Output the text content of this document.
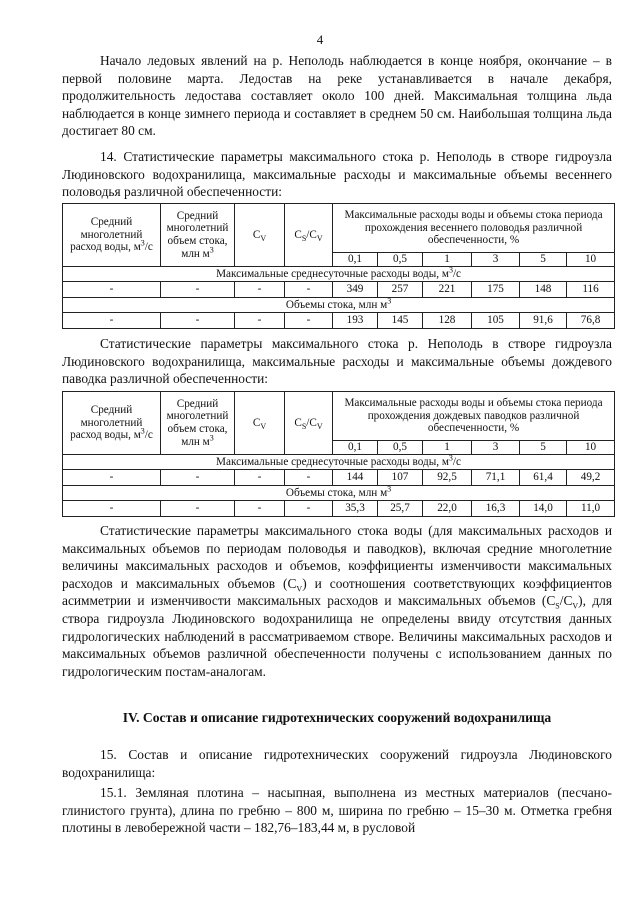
4

Начало ледовых явлений на р. Неполодь наблюдается в конце ноября, окончание – в первой половине марта. Ледостав на реке устанавливается в начале декабря, продолжительность ледостава составляет около 100 дней. Максимальная толщина льда наблюдается в конце зимнего периода и составляет в среднем 50 см. Наибольшая толщина льда достигает 80 см.

14. Статистические параметры максимального стока р. Неполодь в створе гидроузла Людиновского водохранилища, максимальные расходы и максимальные объемы весеннего половодья различной обеспеченности:

Средний многолетний расход воды, $м^3/с$	Средний многолетний объем стока, млн $м^3$	$C_V$	$C_S/C_V$	Максимальные расходы воды и объемы стока периода прохождения весеннего половодья различной обеспеченности, %					
				0,1	0,5	1	3	5	10
Максимальные среднесуточные расходы воды, $м^3/с$									
-	-	-	-	349	257	221	175	148	116
Объемы стока, млн $м^3$
-	-	-	-	193	145	128	105	91,6	76,8

Статистические параметры максимального стока р. Неполодь в створе гидроузла Людиновского водохранилища, максимальные расходы и максимальные объемы дождевого паводка различной обеспеченности:

Средний многолетний расход воды, $м^3/с$	Средний многолетний объем стока, млн $м^3$	$C_V$	$C_S/C_V$	Максимальные расходы воды и объемы стока периода прохождения дождевых паводков различной обеспеченности, %					
				0,1	0,5	1	3	5	10
Максимальные среднесуточные расходы воды, $м^3/с$									
-	-	-	-	144	107	92,5	71,1	61,4	49,2
Объемы стока, млн $м^3$
-	-	-	-	35,3	25,7	22,0	16,3	14,0	11,0

Статистические параметры максимального стока воды (для максимальных расходов и максимальных объемов по периодам половодья и паводков), включая средние многолетние величины максимальных расходов и объемов, коэффициенты изменчивости максимальных расходов и максимальных объемов $(C_V)$ и соотношения соответствующих коэффициентов асимметрии и изменчивости максимальных расходов и максимальных объемов $(C_S/C_V)$, для створа гидроузла Людиновского водохранилища не определены ввиду отсутствия данных гидрологических наблюдений в рассматриваемом створе. Величины максимальных расходов и максимальных объемов различной обеспеченности получены с использованием данных по гидрологическим постам-аналогам.

IV. Состав и описание гидротехнических сооружений водохранилища

15. Состав и описание гидротехнических сооружений гидроузла Людиновского водохранилища:

15.1. Земляная плотина – насыпная, выполнена из местных материалов (песчано-глинистого грунта), длина по гребню – 800 м, ширина по гребню – 15–30 м. Отметка гребня плотины в левобережной части – 182,76–183,44 м, в русловой
